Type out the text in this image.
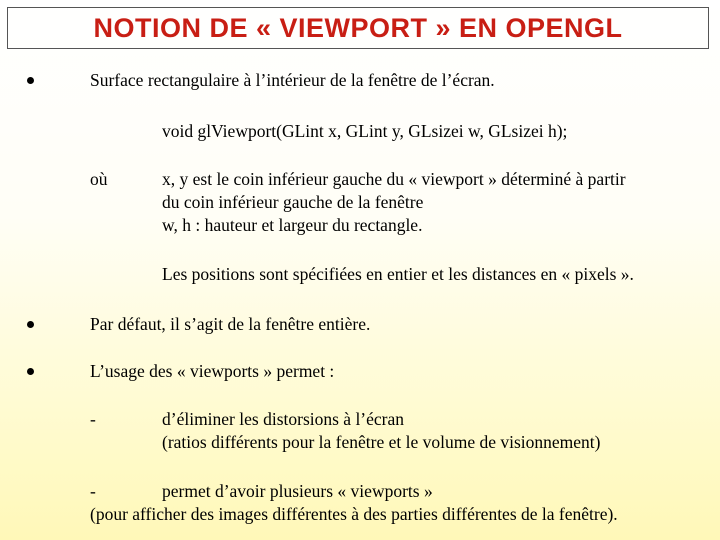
NOTION DE « VIEWPORT » EN OPENGL
Surface rectangulaire à l’intérieur de la fenêtre de l’écran.
void glViewport(GLint x, GLint y, GLsizei w, GLsizei h);
où	x, y est le coin inférieur gauche du « viewport » déterminé à partir
du coin inférieur gauche de la fenêtre
w, h : hauteur et largeur du rectangle.
Les positions sont spécifiées en entier et les distances en « pixels ».
Par défaut, il s’agit de la fenêtre entière.
L’usage des « viewports » permet :
-	d’éliminer les distorsions à l’écran
(ratios différents pour la fenêtre et le volume de visionnement)
-	permet d’avoir plusieurs « viewports »
(pour afficher des images différentes à des parties différentes de la fenêtre).
